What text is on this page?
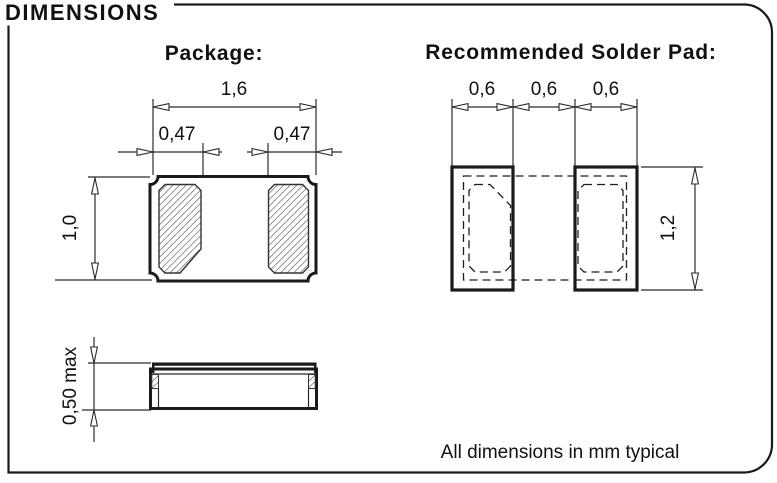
DIMENSIONS
Package:
1,6
0,47	0,47
1,0
0,50 max
Recommended Solder Pad:
0,6 0,6 0,6
1,2
All dimensions in mm typical
